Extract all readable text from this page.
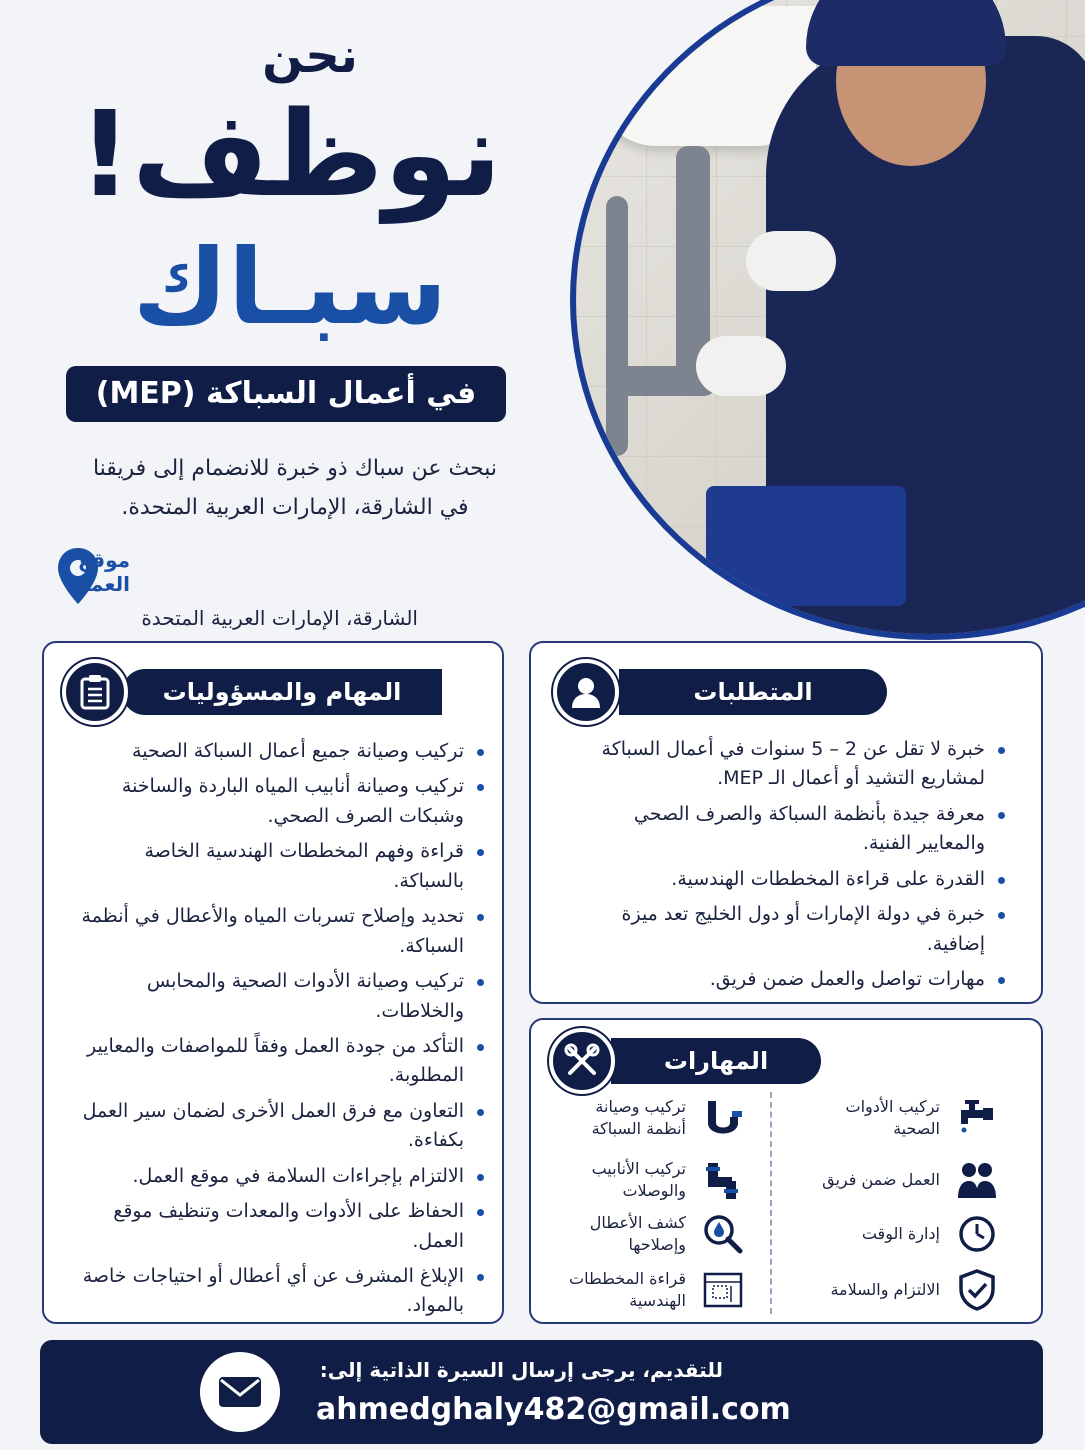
نحن
نوظف!
سبـاك
في أعمال السباكة (MEP)
نبحث عن سباك ذو خبرة للانضمام إلى فريقنا
في الشارقة، الإمارات العربية المتحدة.
موقع العمل:
الشارقة، الإمارات العربية المتحدة
المهام والمسؤوليات
تركيب وصيانة جميع أعمال السباكة الصحية
تركيب وصيانة أنابيب المياه الباردة والساخنة وشبكات الصرف الصحي.
قراءة وفهم المخططات الهندسية الخاصة بالسباكة.
تحديد وإصلاح تسربات المياه والأعطال في أنظمة السباكة.
تركيب وصيانة الأدوات الصحية والمحابس والخلاطات.
التأكد من جودة العمل وفقاً للمواصفات والمعايير المطلوبة.
التعاون مع فرق العمل الأخرى لضمان سير العمل بكفاءة.
الالتزام بإجراءات السلامة في موقع العمل.
الحفاظ على الأدوات والمعدات وتنظيف موقع العمل.
الإبلاغ المشرف عن أي أعطال أو احتياجات خاصة بالمواد.
المتطلبات
خبرة لا تقل عن 2 – 5 سنوات في أعمال السباكة لمشاريع التشيد أو أعمال الـ MEP.
معرفة جيدة بأنظمة السباكة والصرف الصحي والمعايير الفنية.
القدرة على قراءة المخططات الهندسية.
خبرة في دولة الإمارات أو دول الخليج تعد ميزة إضافية.
مهارات تواصل والعمل ضمن فريق.
المهارات
تركيب الأدوات الصحية
العمل ضمن فريق
إدارة الوقت
الالتزام والسلامة
تركيب وصيانة أنظمة السباكة
تركيب الأنابيب والوصلات
كشف الأعطال وإصلاحها
قراءة المخططات الهندسية
للتقديم، يرجى إرسال السيرة الذاتية إلى:
ahmedghaly482@gmail.com
